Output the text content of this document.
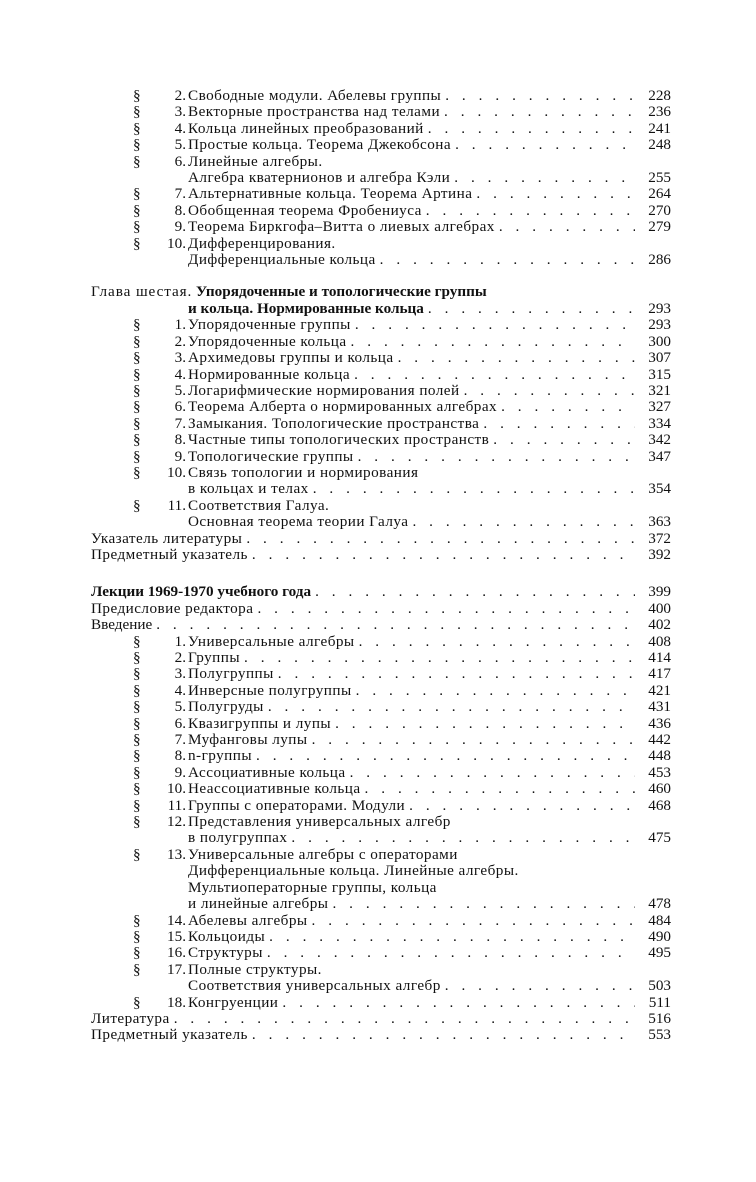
§ 2. Свободные модули. Абелевы группы . . .	228
§ 3. Векторные пространства над телами . . .	236
§ 4. Кольца линейных преобразований . . .	241
§ 5. Простые кольца. Теорема Джекобсона . . .	248
§ 6. Линейные алгебры.
Алгебра кватернионов и алгебра Кэли . . .	255
§ 7. Альтернативные кольца. Теорема Артина . . .	264
§ 8. Обобщенная теорема Фробениуса . . .	270
§ 9. Теорема Биркгофа–Витта о лиевых алгебрах . . .	279
§ 10. Дифференцирования.
Дифференциальные кольца . . .	286
Глава шестая. Упорядоченные и топологические группы
и кольца. Нормированные кольца . . .	293
§ 1. Упорядоченные группы . . .	293
§ 2. Упорядоченные кольца . . .	300
§ 3. Архимедовы группы и кольца . . .	307
§ 4. Нормированные кольца . . .	315
§ 5. Логарифмические нормирования полей . . .	321
§ 6. Теорема Алберта о нормированных алгебрах . . .	327
§ 7. Замыкания. Топологические пространства . . .	334
§ 8. Частные типы топологических пространств . . .	342
§ 9. Топологические группы . . .	347
§ 10. Связь топологии и нормирования
в кольцах и телах . . .	354
§ 11. Соответствия Галуа.
Основная теорема теории Галуа . . .	363
Указатель литературы . . .	372
Предметный указатель . . .	392
Лекции 1969-1970 учебного года . . .	399
Предисловие редактора . . .	400
Введение . . .	402
§ 1. Универсальные алгебры . . .	408
§ 2. Группы . . .	414
§ 3. Полугруппы . . .	417
§ 4. Инверсные полугруппы . . .	421
§ 5. Полугруды . . .	431
§ 6. Квазигруппы и лупы . . .	436
§ 7. Муфанговы лупы . . .	442
§ 8. n-группы . . .	448
§ 9. Ассоциативные кольца . . .	453
§ 10. Неассоциативные кольца . . .	460
§ 11. Группы с операторами. Модули . . .	468
§ 12. Представления универсальных алгебр
в полугруппах . . .	475
§ 13. Универсальные алгебры с операторами
Дифференциальные кольца. Линейные алгебры.
Мультиоператорные группы, кольца
и линейные алгебры . . .	478
§ 14. Абелевы алгебры . . .	484
§ 15. Кольцоиды . . .	490
§ 16. Структуры . . .	495
§ 17. Полные структуры.
Соответствия универсальных алгебр . . .	503
§ 18. Конгруенции . . .	511
Литература . . .	516
Предметный указатель . . .	553
